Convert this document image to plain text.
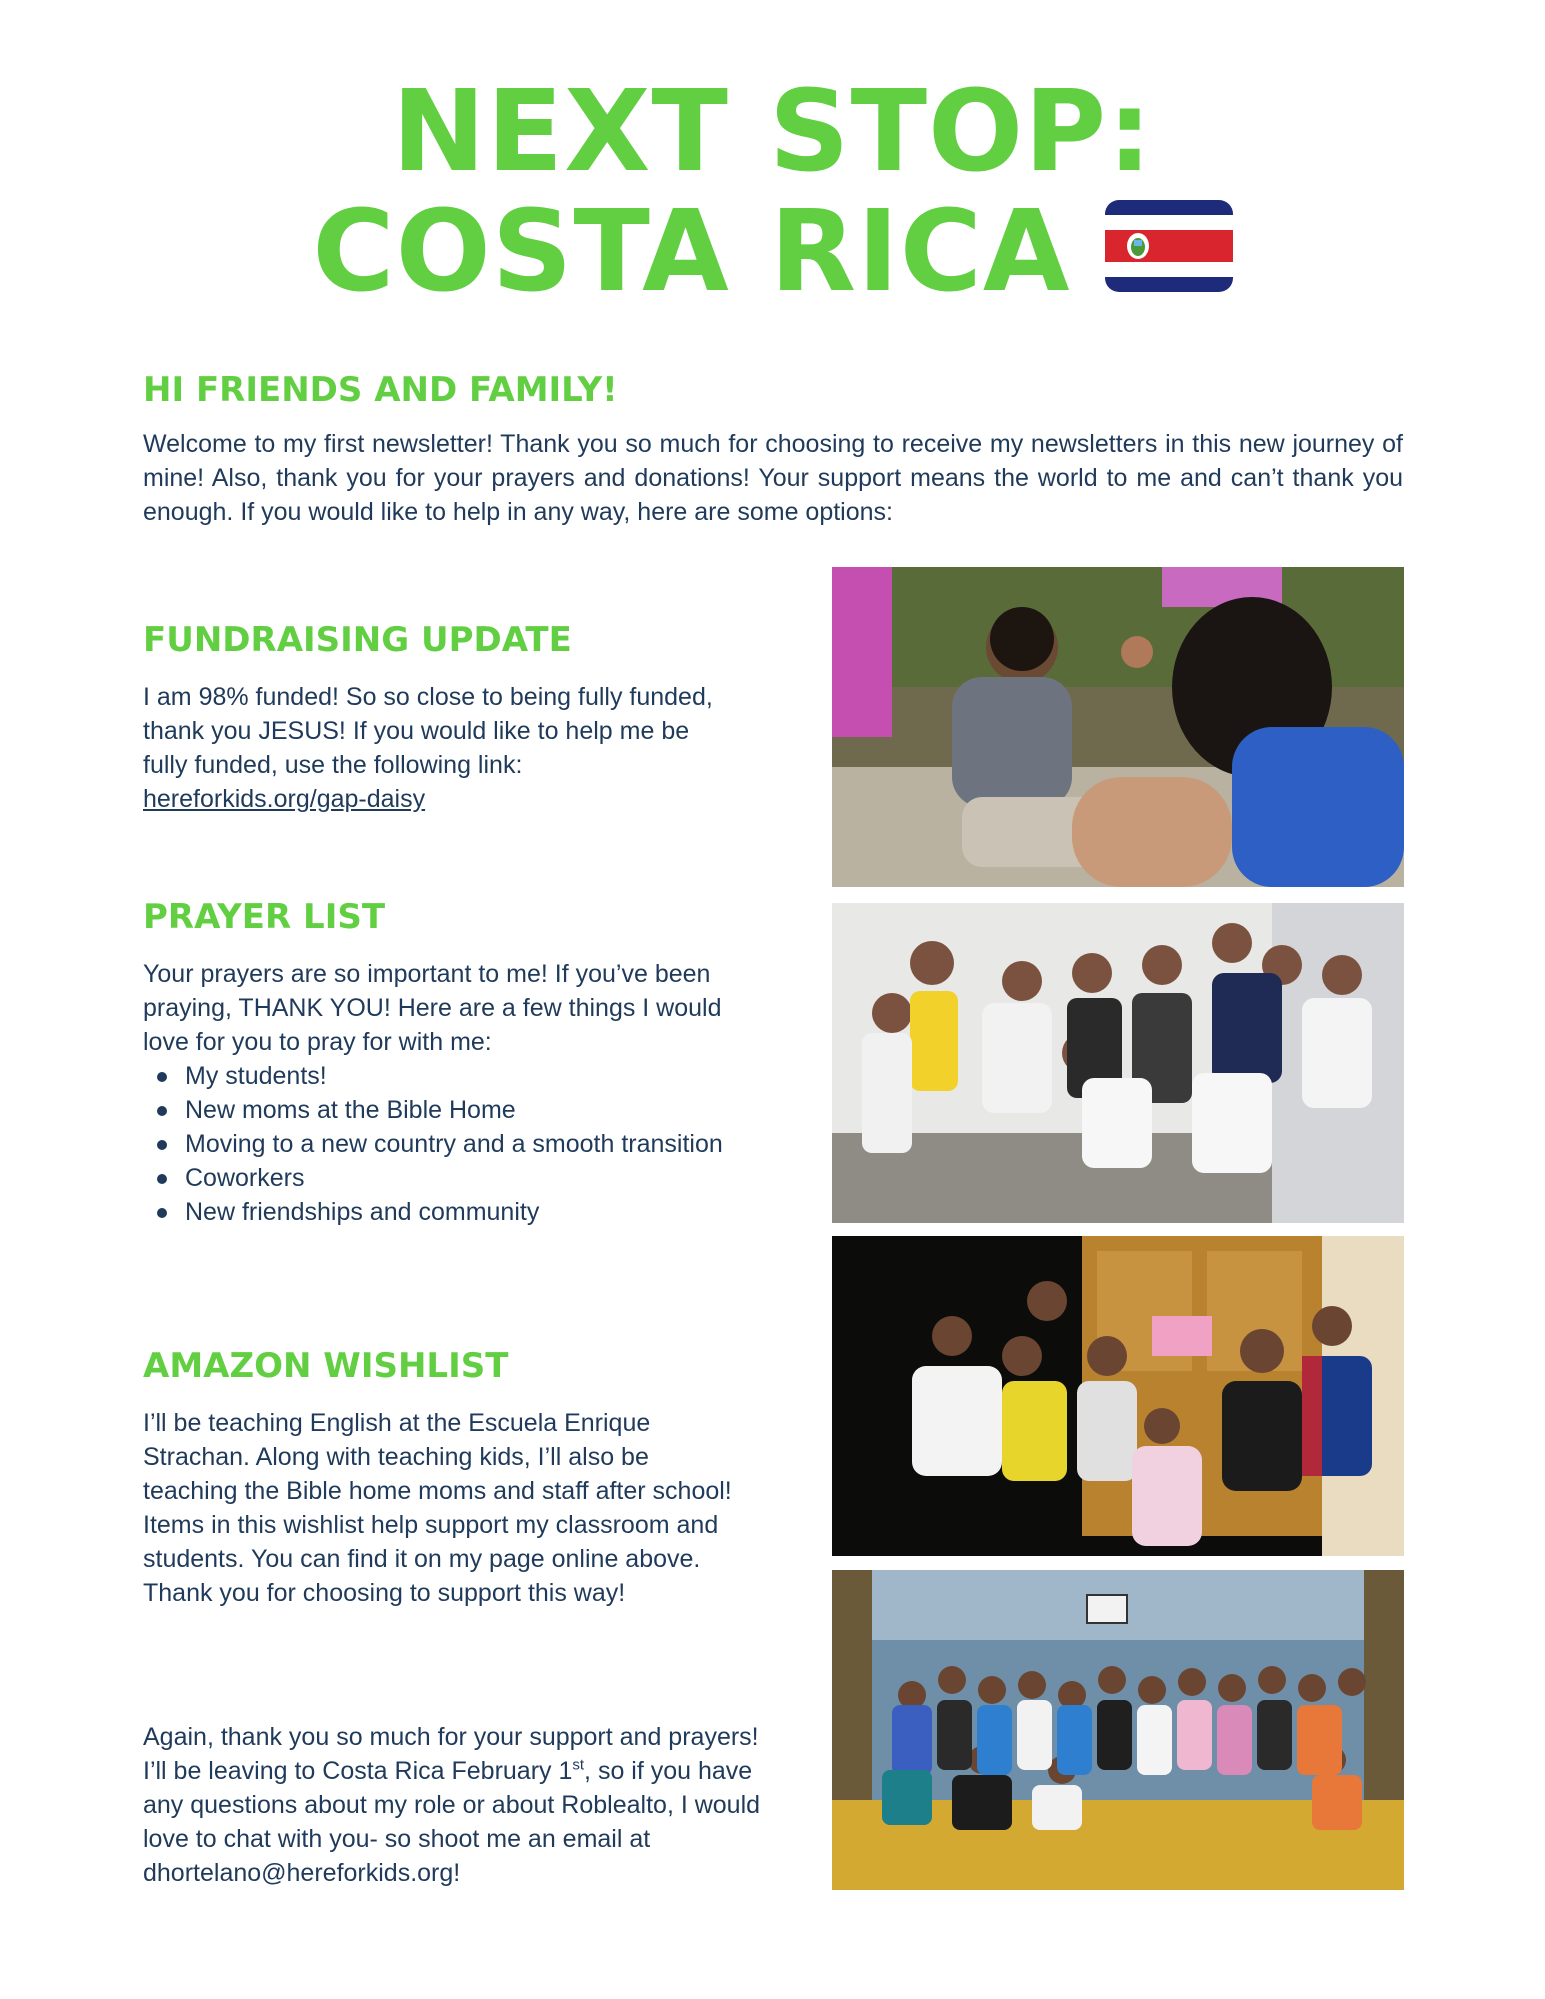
NEXT STOP:
COSTA RICA
HI FRIENDS AND FAMILY!

Welcome to my first newsletter! Thank you so much for choosing to receive my newsletters in this new journey of mine! Also, thank you for your prayers and donations! Your support means the world to me and can’t thank you enough. If you would like to help in any way, here are some options:

FUNDRAISING UPDATE

I am 98% funded! So so close to being fully funded, thank you JESUS! If you would like to help me be fully funded, use the following link: hereforkids.org/gap-daisy

PRAYER LIST

Your prayers are so important to me! If you’ve been praying, THANK YOU! Here are a few things I would love for you to pray for with me:

My students!
New moms at the Bible Home
Moving to a new country and a smooth transition
Coworkers
New friendships and community
AMAZON WISHLIST

I’ll be teaching English at the Escuela Enrique Strachan. Along with teaching kids, I’ll also be teaching the Bible home moms and staff after school! Items in this wishlist help support my classroom and students. You can find it on my page online above. Thank you for choosing to support this way!

Again, thank you so much for your support and prayers! I’ll be leaving to Costa Rica February 1st, so if you have any questions about my role or about Roblealto, I would love to chat with you- so shoot me an email at dhortelano@hereforkids.org!
